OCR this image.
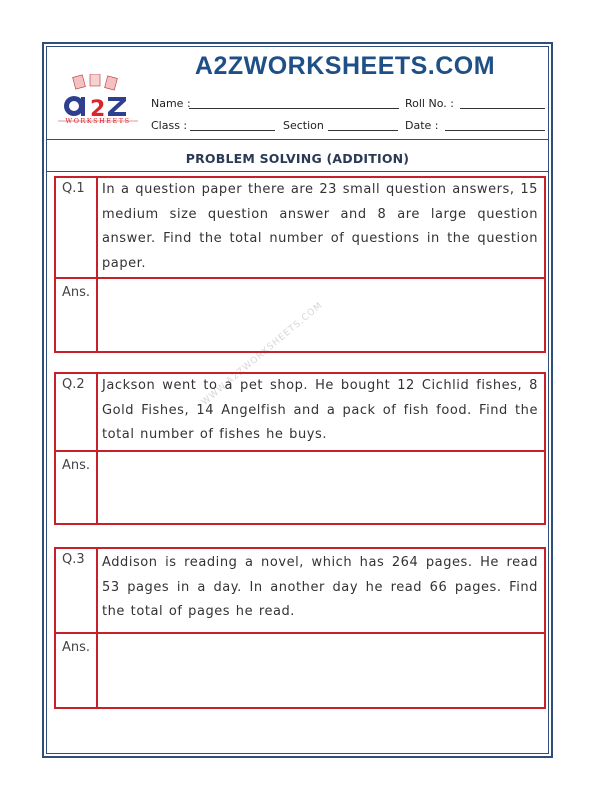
A2ZWORKSHEETS.COM
2
WORKSHEETS
Name :	Roll No. :
Class :	Section	Date :
PROBLEM SOLVING (ADDITION)
WWW.A2ZWORKSHEETS.COM
Q.1 In a question paper there are 23 small question answers, 15 medium size question answer and 8 are large question answer. Find the total number of questions in the question paper.
Ans.
Q.2 Jackson went to a pet shop. He bought 12 Cichlid fishes, 8 Gold Fishes, 14 Angelfish and a pack of fish food. Find the total number of fishes he buys.
Ans.
Q.3 Addison is reading a novel, which has 264 pages. He read 53 pages in a day. In another day he read 66 pages. Find the total of pages he read.
Ans.
